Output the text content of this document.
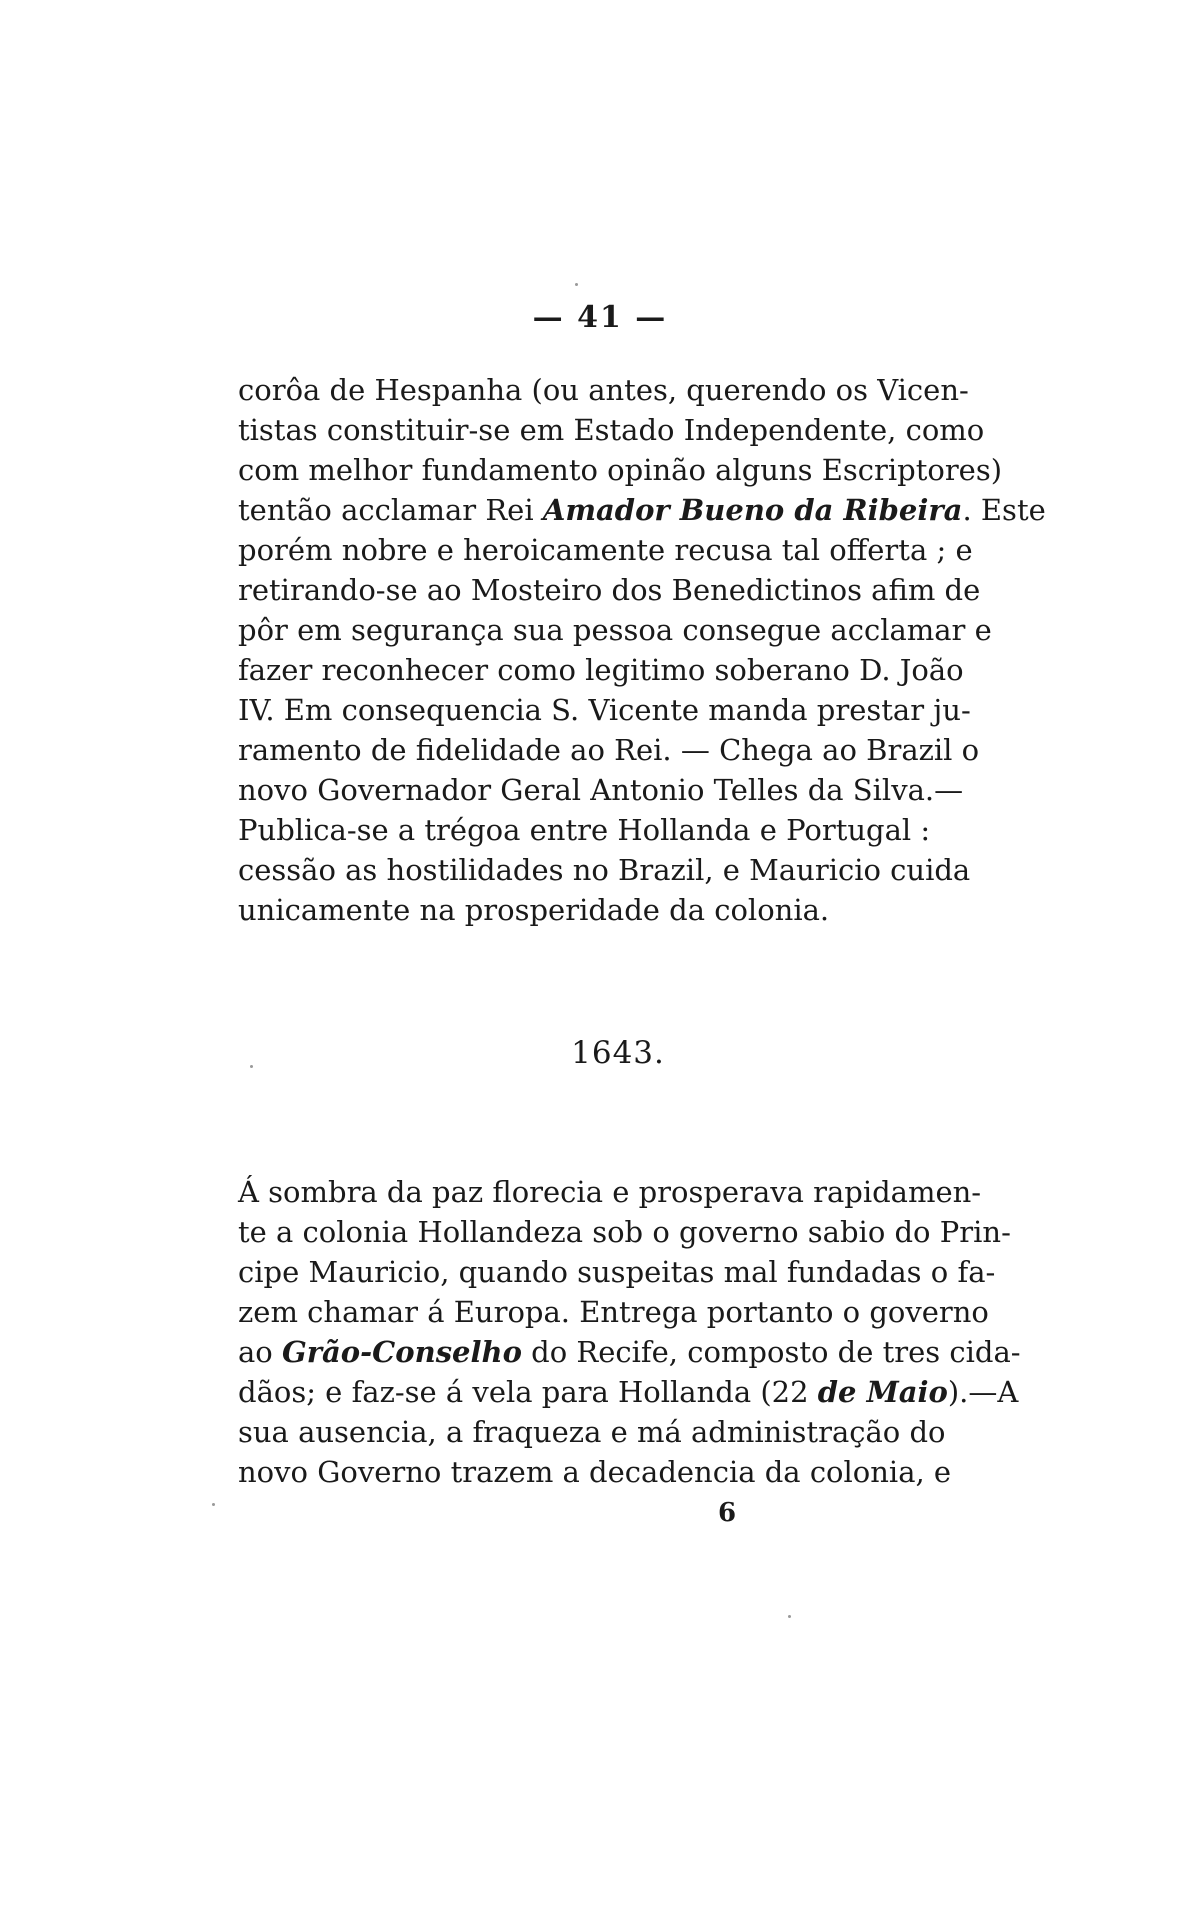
— 41 —
corôa de Hespanha (ou antes, querendo os Vicen-
tistas constituir-se em Estado Independente, como
com melhor fundamento opinão alguns Escriptores)
tentão acclamar Rei Amador Bueno da Ribeira. Este
porém nobre e heroicamente recusa tal offerta ; e
retirando-se ao Mosteiro dos Benedictinos afim de
pôr em segurança sua pessoa consegue acclamar e
fazer reconhecer como legitimo soberano D. João
IV. Em consequencia S. Vicente manda prestar ju-
ramento de fidelidade ao Rei. — Chega ao Brazil o
novo Governador Geral Antonio Telles da Silva.—
Publica-se a trégoa entre Hollanda e Portugal :
cessão as hostilidades no Brazil, e Mauricio cuida
unicamente na prosperidade da colonia.
1643.
Á sombra da paz florecia e prosperava rapidamen-
te a colonia Hollandeza sob o governo sabio do Prin-
cipe Mauricio, quando suspeitas mal fundadas o fa-
zem chamar á Europa. Entrega portanto o governo
ao Grão-Conselho do Recife, composto de tres cida-
dãos; e faz-se á vela para Hollanda (22 de Maio).—A
sua ausencia, a fraqueza e má administração do
novo Governo trazem a decadencia da colonia, e
6
